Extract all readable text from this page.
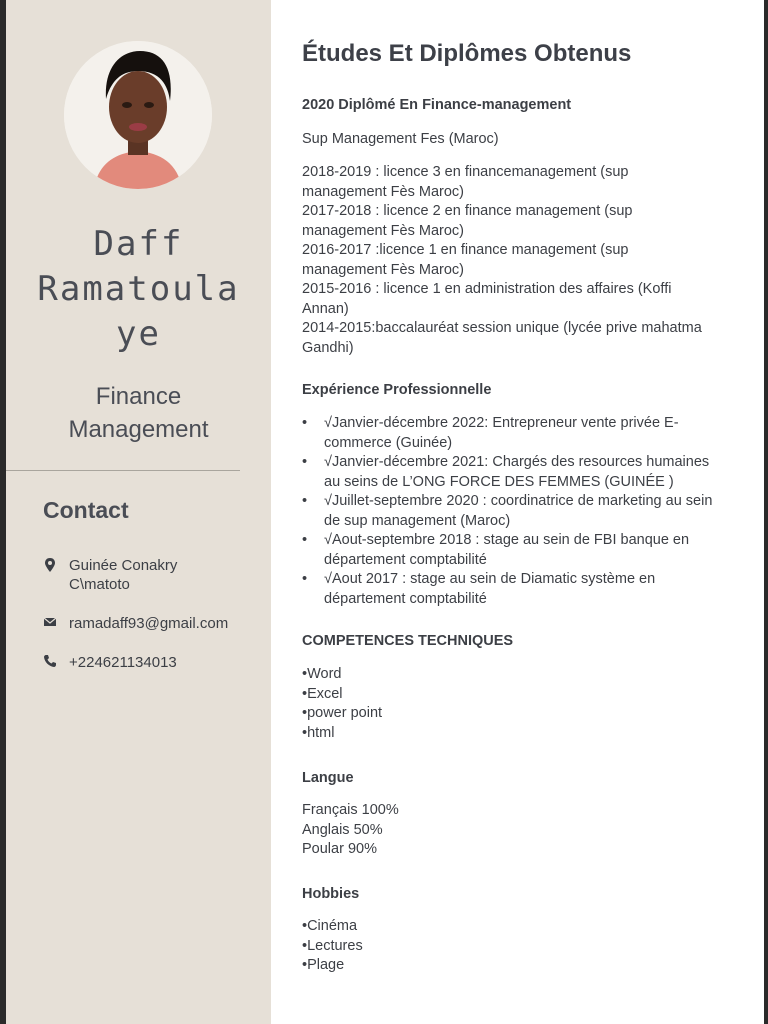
Daff
Ramatoula
ye
Finance
Management
Contact
Guinée Conakry
C\matoto
ramadaff93@gmail.com
+224621134013
Études Et Diplômes Obtenus
2020 Diplômé En Finance-management
Sup Management Fes (Maroc)
2018-2019 : licence 3 en financemanagement (sup
management Fès Maroc)
2017-2018 : licence 2 en finance management (sup
management Fès Maroc)
2016-2017 :licence 1 en finance management (sup
management Fès Maroc)
2015-2016 : licence 1 en administration des affaires (Koffi
Annan)
2014-2015:baccalauréat session unique (lycée prive mahatma
Gandhi)
Expérience Professionnelle
• √Janvier-décembre 2022: Entrepreneur vente privée E-
commerce (Guinée)
• √Janvier-décembre 2021: Chargés des resources humaines
au seins de L’ONG FORCE DES FEMMES (GUINÉE )
• √Juillet-septembre 2020 : coordinatrice de marketing au sein
de sup management (Maroc)
• √Aout-septembre 2018 : stage au sein de FBI banque en
département comptabilité
• √Aout 2017 : stage au sein de Diamatic système en
département comptabilité
COMPETENCES TECHNIQUES
•Word
•Excel
•power point
•html
Langue
Français 100%
Anglais 50%
Poular 90%
Hobbies
•Cinéma
•Lectures
•Plage
